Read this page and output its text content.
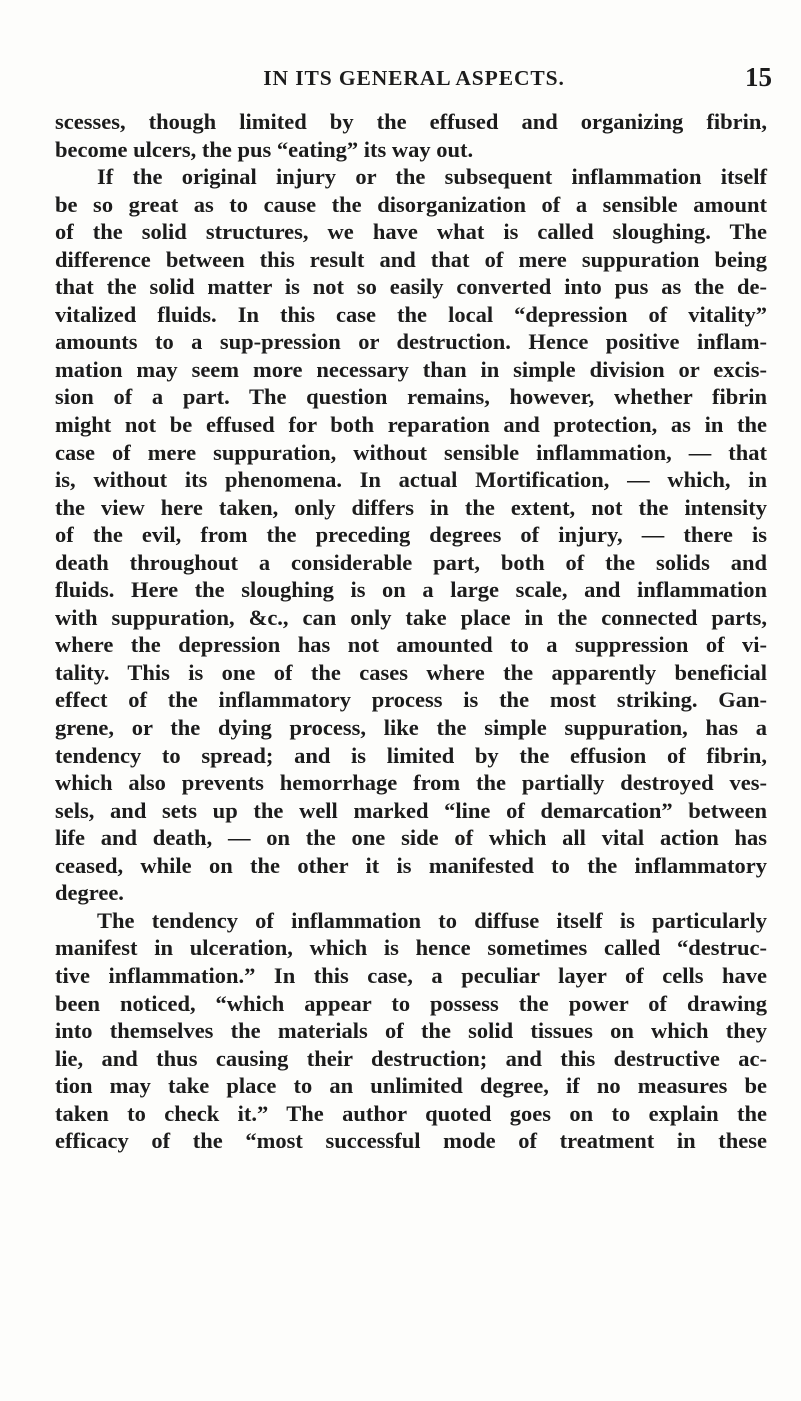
IN ITS GENERAL ASPECTS.	15
scesses, though limited by the effused and organizing fibrin,
become ulcers, the pus “eating” its way out.
If the original injury or the subsequent inflammation itself
be so great as to cause the disorganization of a sensible amount
of the solid structures, we have what is called sloughing. The
difference between this result and that of mere suppuration being
that the solid matter is not so easily converted into pus as the de-
vitalized fluids. In this case the local “depression of vitality”
amounts to a sup-pression or destruction. Hence positive inflam-
mation may seem more necessary than in simple division or excis-
sion of a part. The question remains, however, whether fibrin
might not be effused for both reparation and protection, as in the
case of mere suppuration, without sensible inflammation, — that
is, without its phenomena. In actual Mortification, — which, in
the view here taken, only differs in the extent, not the intensity
of the evil, from the preceding degrees of injury, — there is
death throughout a considerable part, both of the solids and
fluids. Here the sloughing is on a large scale, and inflammation
with suppuration, &c., can only take place in the connected parts,
where the depression has not amounted to a suppression of vi-
tality. This is one of the cases where the apparently beneficial
effect of the inflammatory process is the most striking. Gan-
grene, or the dying process, like the simple suppuration, has a
tendency to spread; and is limited by the effusion of fibrin,
which also prevents hemorrhage from the partially destroyed ves-
sels, and sets up the well marked “line of demarcation” between
life and death, — on the one side of which all vital action has
ceased, while on the other it is manifested to the inflammatory
degree.
The tendency of inflammation to diffuse itself is particularly
manifest in ulceration, which is hence sometimes called “destruc-
tive inflammation.” In this case, a peculiar layer of cells have
been noticed, “which appear to possess the power of drawing
into themselves the materials of the solid tissues on which they
lie, and thus causing their destruction; and this destructive ac-
tion may take place to an unlimited degree, if no measures be
taken to check it.” The author quoted goes on to explain the
efficacy of the “most successful mode of treatment in these
